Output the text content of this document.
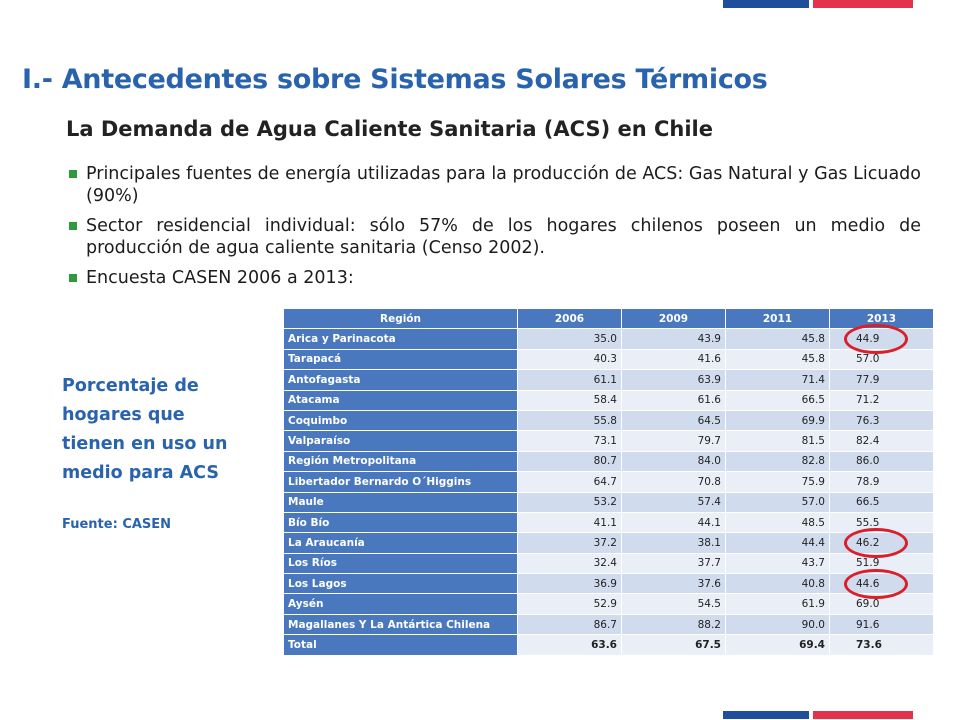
I.- Antecedentes sobre Sistemas Solares Térmicos
La Demanda de Agua Caliente Sanitaria (ACS) en Chile
Principales fuentes de energía utilizadas para la producción de ACS: Gas Natural y Gas Licuado (90%)
Sector residencial individual: sólo 57% de los hogares chilenos poseen un medio de producción de agua caliente sanitaria (Censo 2002).
Encuesta CASEN 2006 a 2013:
Porcentaje de hogares que tienen en uso un medio para ACS
Fuente: CASEN
Región	2006	2009	2011	2013
Arica y Parinacota	35.0	43.9	45.8	44.9
Tarapacá	40.3	41.6	45.8	57.0
Antofagasta	61.1	63.9	71.4	77.9
Atacama	58.4	61.6	66.5	71.2
Coquimbo	55.8	64.5	69.9	76.3
Valparaíso	73.1	79.7	81.5	82.4
Región Metropolitana	80.7	84.0	82.8	86.0
Libertador Bernardo O´Higgins	64.7	70.8	75.9	78.9
Maule	53.2	57.4	57.0	66.5
Bío Bío	41.1	44.1	48.5	55.5
La Araucanía	37.2	38.1	44.4	46.2
Los Ríos	32.4	37.7	43.7	51.9
Los Lagos	36.9	37.6	40.8	44.6
Aysén	52.9	54.5	61.9	69.0
Magallanes Y La Antártica Chilena	86.7	88.2	90.0	91.6
Total	63.6	67.5	69.4	73.6
